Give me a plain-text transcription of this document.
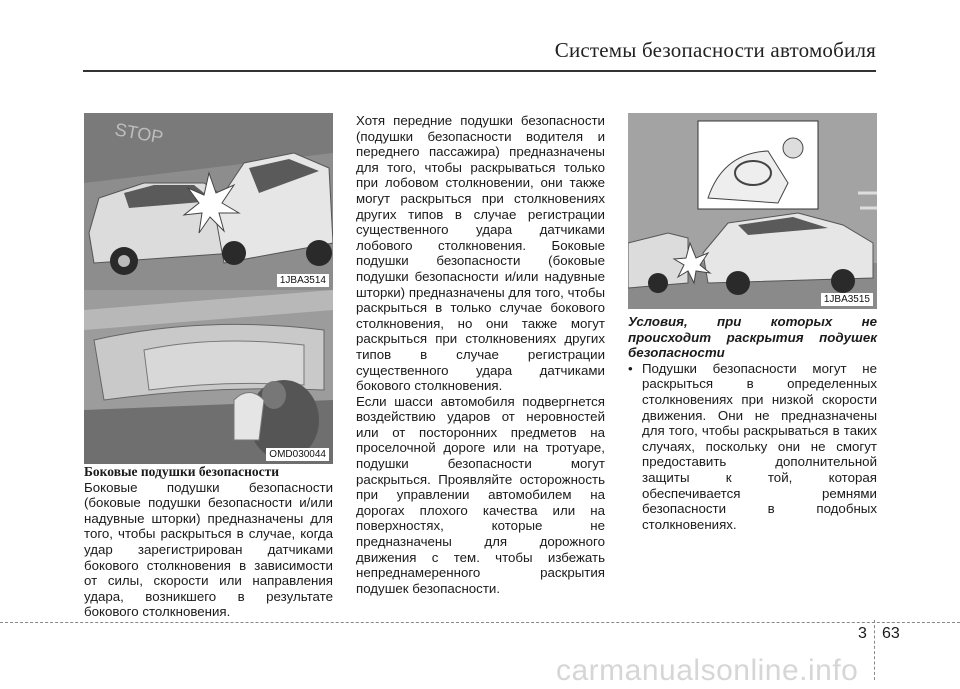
Системы безопасности автомобиля
STOP
1JBA3514
OMD030044
1JBA3515
Боковые подушки безопасности

Боковые подушки безопасности (боковые подушки безопасности и/или надувные шторки) предназначены для того, чтобы раскрыться в случае, когда удар зарегистрирован датчиками бокового столкновения в зависимости от силы, скорости или направления удара, возникшего в результате бокового столкновения.

Хотя передние подушки безопасности (подушки безопасности водителя и переднего пассажира) предназначены для того, чтобы раскрываться только при лобовом столкновении, они также могут раскрыться при столкновениях других типов в случае регистрации существенного удара датчиками лобового столкновения. Боковые подушки безопасности (боковые подушки безопасности и/или надувные шторки) предназначены для того, чтобы раскрыться в только случае бокового столкновения, но они также могут раскрыться при столкновениях других типов в случае регистрации существенного удара датчиками бокового столкновения.

Если шасси автомобиля подвергнется воздействию ударов от неровностей или от посторонних предметов на проселочной дороге или на тротуаре, подушки безопасности могут раскрыться. Проявляйте осторожность при управлении автомобилем на дорогах плохого качества или на поверхностях, которые не предназначены для дорожного движения с тем. чтобы избежать непреднамеренного раскрытия подушек безопасности.

Условия, при которых не происходит раскрытия подушек безопасности
• Подушки безопасности могут не раскрыться в определенных столкновениях при низкой скорости движения. Они не предназначены для того, чтобы раскрываться в таких случаях, поскольку они не смогут предоставить дополнительной защиты к той, которая обеспечивается ремнями безопасности в подобных столкновениях.
3 63
carmanualsonline.info
